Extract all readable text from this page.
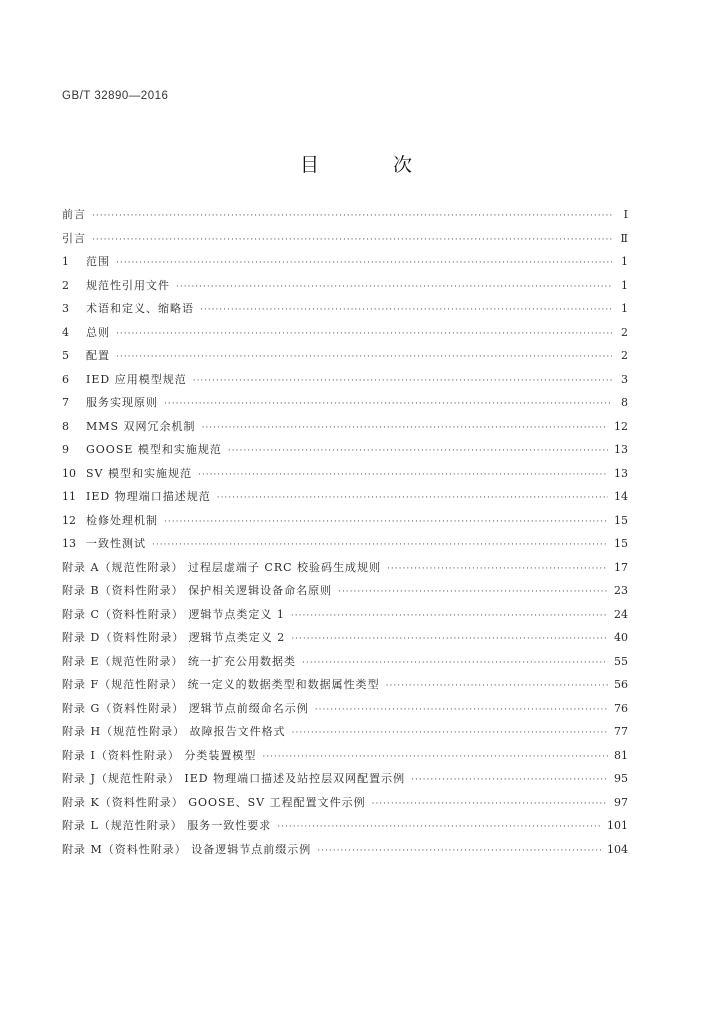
GB/T 32890—2016
目 次
前言 ·····	Ⅰ
引言 ·····	Ⅱ
1	范围 ·····	1
2	规范性引用文件 ·····	1
3	术语和定义、缩略语 ·····	1
4	总则 ·····	2
5	配置 ·····	2
6	IED 应用模型规范 ·····	3
7	服务实现原则 ·····	8
8	MMS 双网冗余机制 ·····	12
9	GOOSE 模型和实施规范 ·····	13
10 SV 模型和实施规范 ·····	13
11 IED 物理端口描述规范 ·····	14
12 检修处理机制 ·····	15
13 一致性测试 ·····	15
附录 A（规范性附录） 过程层虚端子 CRC 校验码生成规则 ·····	17
附录 B（资料性附录） 保护相关逻辑设备命名原则 ·····	23
附录 C（资料性附录） 逻辑节点类定义 1 ·····	24
附录 D（资料性附录） 逻辑节点类定义 2 ·····	40
附录 E（规范性附录） 统一扩充公用数据类 ·····	55
附录 F（规范性附录） 统一定义的数据类型和数据属性类型 ·····	56
附录 G（资料性附录） 逻辑节点前缀命名示例 ·····	76
附录 H（规范性附录） 故障报告文件格式 ·····	77
附录 I（资料性附录） 分类装置模型 ·····	81
附录 J（规范性附录） IED 物理端口描述及站控层双网配置示例 ·····	95
附录 K（资料性附录） GOOSE、SV 工程配置文件示例 ·····	97
附录 L（规范性附录） 服务一致性要求 ·····	101
附录 M（资料性附录） 设备逻辑节点前缀示例 ·····	104
